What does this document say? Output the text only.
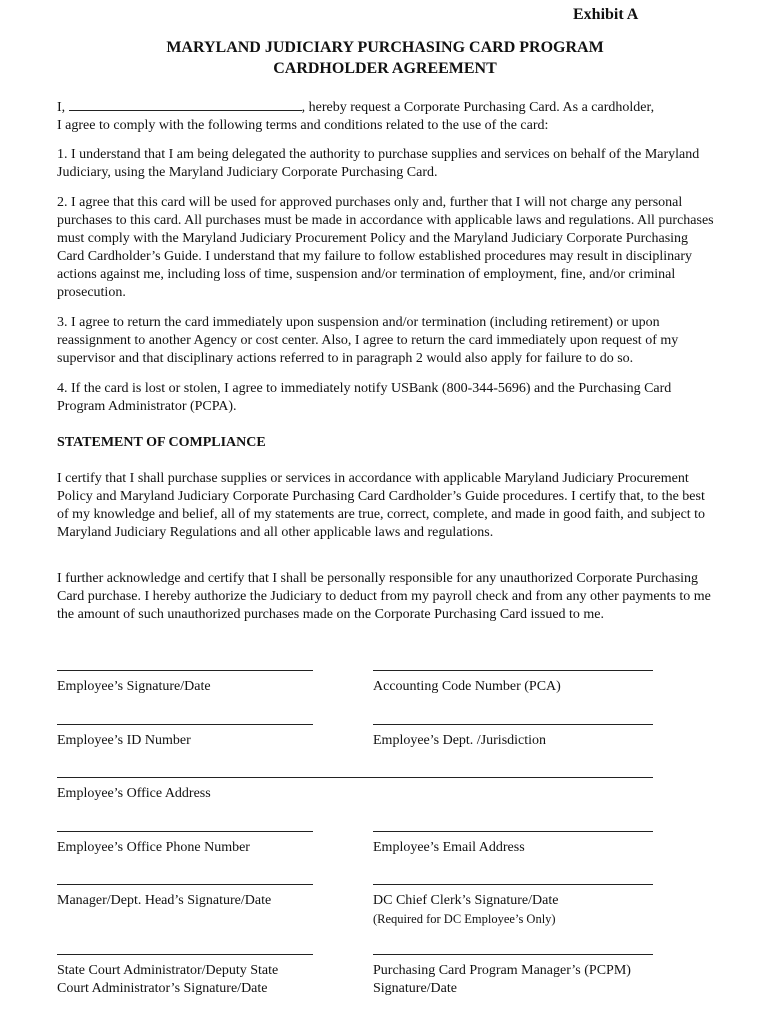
Exhibit A
MARYLAND JUDICIARY PURCHASING CARD PROGRAM
CARDHOLDER AGREEMENT
I,	, hereby request a Corporate Purchasing Card. As a cardholder,
I agree to comply with the following terms and conditions related to the use of the card:
1. I understand that I am being delegated the authority to purchase supplies and services on behalf of the Maryland Judiciary, using the Maryland Judiciary Corporate Purchasing Card.
2. I agree that this card will be used for approved purchases only and, further that I will not charge any personal purchases to this card. All purchases must be made in accordance with applicable laws and regulations. All purchases must comply with the Maryland Judiciary Procurement Policy and the Maryland Judiciary Corporate Purchasing Card Cardholder’s Guide. I understand that my failure to follow established procedures may result in disciplinary actions against me, including loss of time, suspension and/or termination of employment, fine, and/or criminal prosecution.
3. I agree to return the card immediately upon suspension and/or termination (including retirement) or upon reassignment to another Agency or cost center. Also, I agree to return the card immediately upon request of my supervisor and that disciplinary actions referred to in paragraph 2 would also apply for failure to do so.
4. If the card is lost or stolen, I agree to immediately notify USBank (800-344-5696) and the Purchasing Card Program Administrator (PCPA).
STATEMENT OF COMPLIANCE
I certify that I shall purchase supplies or services in accordance with applicable Maryland Judiciary Procurement Policy and Maryland Judiciary Corporate Purchasing Card Cardholder’s Guide procedures. I certify that, to the best of my knowledge and belief, all of my statements are true, correct, complete, and made in good faith, and subject to Maryland Judiciary Regulations and all other applicable laws and regulations.
I further acknowledge and certify that I shall be personally responsible for any unauthorized Corporate Purchasing Card purchase. I hereby authorize the Judiciary to deduct from my payroll check and from any other payments to me the amount of such unauthorized purchases made on the Corporate Purchasing Card issued to me.
Employee’s Signature/Date	Accounting Code Number (PCA)
Employee’s ID Number	Employee’s Dept. /Jurisdiction
Employee’s Office Address
Employee’s Office Phone Number	Employee’s Email Address
Manager/Dept. Head’s Signature/Date	DC Chief Clerk’s Signature/Date
(Required for DC Employee’s Only)
State Court Administrator/Deputy State
Court Administrator’s Signature/Date
Purchasing Card Program Manager’s (PCPM)
Signature/Date
